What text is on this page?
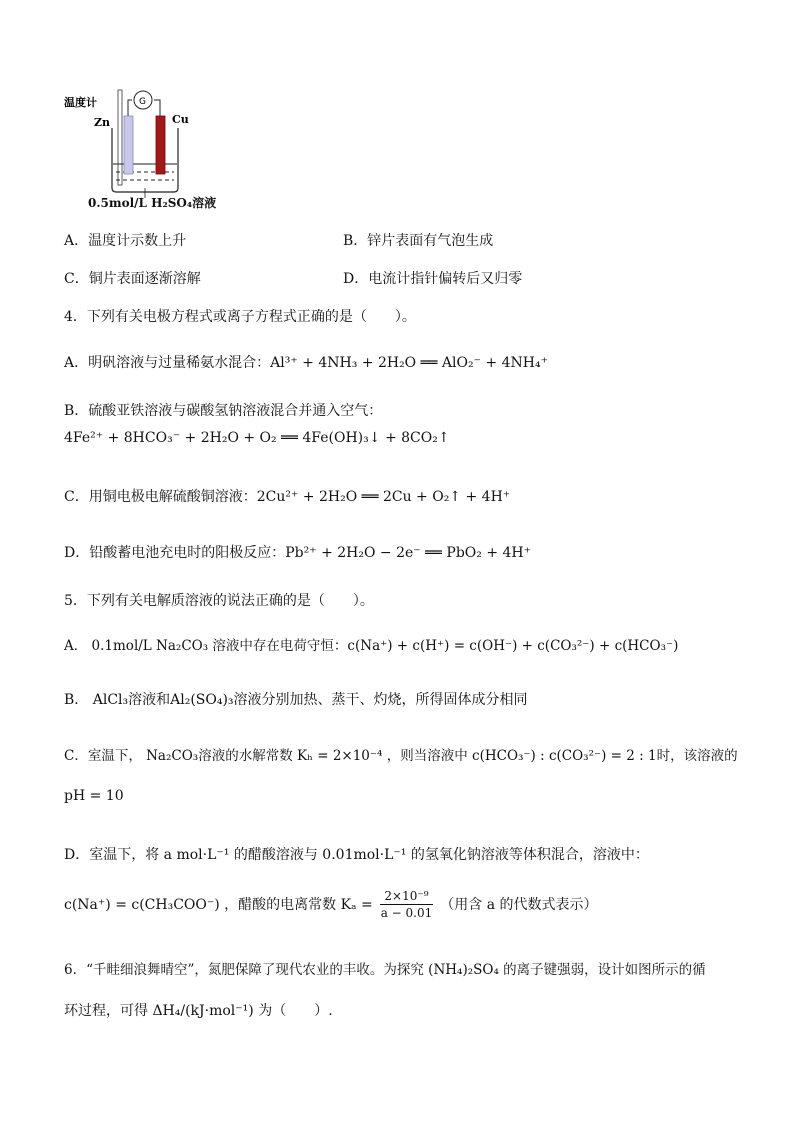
温度计	G
Zn	Cu
0.5mol/L H₂SO₄溶液
A．温度计示数上升	B．锌片表面有气泡生成
C．铜片表面逐渐溶解	D．电流计指针偏转后又归零
4．下列有关电极方程式或离子方程式正确的是（　　）。
A．明矾溶液与过量稀氨水混合：Al³⁺ + 4NH₃ + 2H₂O ══ AlO₂⁻ + 4NH₄⁺
B．硫酸亚铁溶液与碳酸氢钠溶液混合并通入空气：
4Fe²⁺ + 8HCO₃⁻ + 2H₂O + O₂ ══ 4Fe(OH)₃↓ + 8CO₂↑
C．用铜电极电解硫酸铜溶液：2Cu²⁺ + 2H₂O ══ 2Cu + O₂↑ + 4H⁺
D．铅酸蓄电池充电时的阳极反应：Pb²⁺ + 2H₂O − 2e⁻ ══ PbO₂ + 4H⁺
5．下列有关电解质溶液的说法正确的是（　　）。
A． 0.1mol/L Na₂CO₃ 溶液中存在电荷守恒：c(Na⁺) + c(H⁺) = c(OH⁻) + c(CO₃²⁻) + c(HCO₃⁻)
B． AlCl₃溶液和Al₂(SO₄)₃溶液分别加热、蒸干、灼烧，所得固体成分相同
C．室温下， Na₂CO₃溶液的水解常数 Kₕ = 2×10⁻⁴ ，则当溶液中 c(HCO₃⁻) : c(CO₃²⁻) = 2 : 1时，该溶液的
pH = 10
D．室温下，将 a mol·L⁻¹ 的醋酸溶液与 0.01mol·L⁻¹ 的氢氧化钠溶液等体积混合，溶液中：
c(Na⁺) = c(CH₃COO⁻) ，醋酸的电离常数 $K_a = \frac{\text{2×10⁻⁹}}{a - 0.01}$ （用含 a 的代数式表示）
6．“千畦细浪舞晴空”，氮肥保障了现代农业的丰收。为探究 (NH₄)₂SO₄ 的离子键强弱，设计如图所示的循
环过程，可得 ΔH₄/(kJ·mol⁻¹) 为（　　）.
